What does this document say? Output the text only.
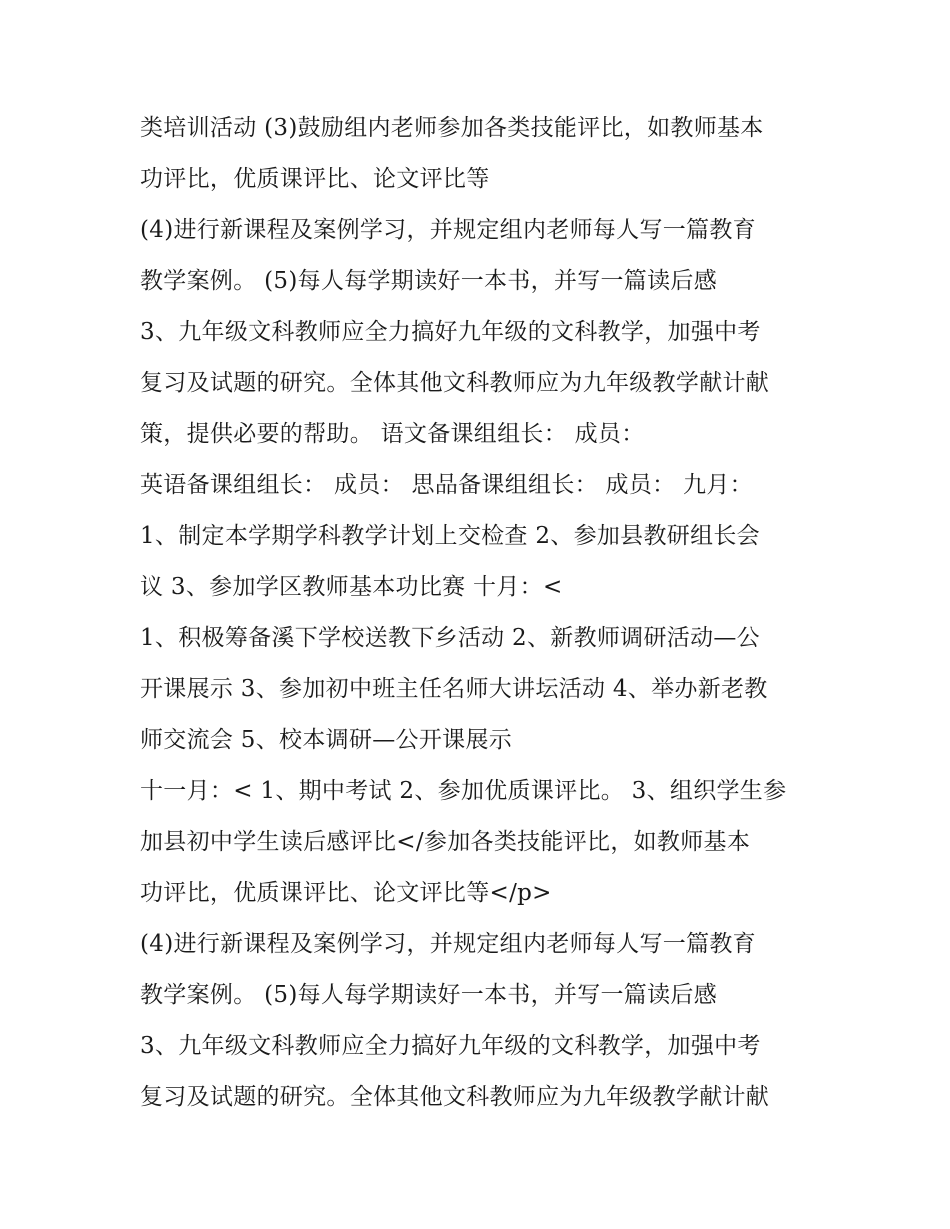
类培训活动 (3)鼓励组内老师参加各类技能评比，如教师基本
功评比，优质课评比、论文评比等
(4)进行新课程及案例学习，并规定组内老师每人写一篇教育
教学案例。 (5)每人每学期读好一本书，并写一篇读后感
3、九年级文科教师应全力搞好九年级的文科教学，加强中考
复习及试题的研究。全体其他文科教师应为九年级教学献计献
策，提供必要的帮助。 语文备课组组长： 成员：
英语备课组组长： 成员： 思品备课组组长： 成员： 九月：
1、制定本学期学科教学计划上交检查 2、参加县教研组长会
议 3、参加学区教师基本功比赛 十月：<
1、积极筹备溪下学校送教下乡活动 2、新教师调研活动—公
开课展示 3、参加初中班主任名师大讲坛活动 4、举办新老教
师交流会 5、校本调研—公开课展示
十一月：< 1、期中考试 2、参加优质课评比。 3、组织学生参
加县初中学生读后感评比</参加各类技能评比，如教师基本
功评比，优质课评比、论文评比等</p>
(4)进行新课程及案例学习，并规定组内老师每人写一篇教育
教学案例。 (5)每人每学期读好一本书，并写一篇读后感
3、九年级文科教师应全力搞好九年级的文科教学，加强中考
复习及试题的研究。全体其他文科教师应为九年级教学献计献
